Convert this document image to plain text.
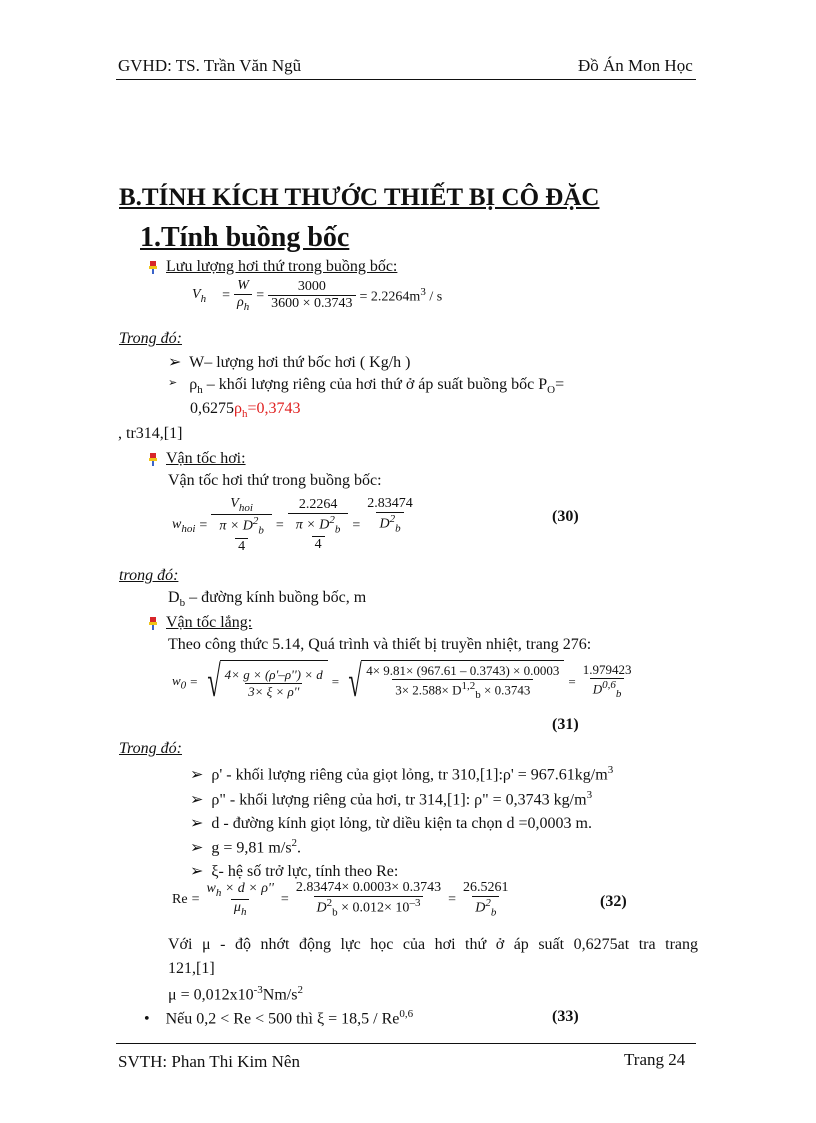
GVHD: TS. Trần Văn Ngũ	Đồ Án Mon Học
B.TÍNH KÍCH THƯỚC THIẾT BỊ CÔ ĐẶC
1.Tính buồng bốc
Lưu lượng hơi thứ trong buồng bốc:
$V_h = \frac{W}{\rho_h} = \frac{3000}{3600 \times 0.3743} = 2.2264m^3 / s$
Trong đó:
➢ W– lượng hơi thứ bốc hơi ( Kg/h )
➢ $\rho_h$ – khối lượng riêng của hơi thứ ở áp suất buồng bốc $P_O=$
$0,6275\rho_h=0,3743$
, tr314,[1]
Vận tốc hơi:
Vận tốc hơi thứ trong buồng bốc:
$w_{hoi} = \frac{V_{hoi}}{\frac{\pi \times D^2_b}{4}} = \frac{2.2264}{\frac{\pi \times D^2_b}{4}} = \frac{2.83474}{D^2_b}$	(30)
trong đó:
$D_b$ – đường kính buồng bốc, m
Vận tốc lắng:
Theo công thức 5.14, Quá trình và thiết bị truyền nhiệt, trang 276:
$w_0$ = √ $\frac{4\times g \times (\rho'-\rho'') \times d}{3\times \xi \times \rho''}$ = √ $\frac{4\times 9.81\times (967.61 - 0.3743) \times 0.0003}{3\times 2.588\times D^{1,2}_b \times 0.3743} = \frac{1.979423}{D^{0,6}_b}$
(31)
Trong đó:
➢ ρ' - khối lượng riêng của giọt lỏng, tr 310,[1]:ρ' = $967.61kg/m^3$
➢ ρ" - khối lượng riêng của hơi, tr 314,[1]: ρ" = 0,3743 $kg/m^3$
➢ d - đường kính giọt lỏng, từ diều kiện ta chọn d =0,0003 m.
➢ g = 9,81 $m/s^2$.
➢ ξ- hệ số trở lực, tính theo Re:
$Re = \frac{w_h \times d \times \rho''}{\mu_h} = \frac{2.83474\times 0.0003\times 0.3743}{D^2_b \times 0.012\times 10^{-3}} = \frac{26.5261}{D^2_b}$	(32)
Với μ - độ nhớt động lực học của hơi thứ ở áp suất 0,6275at tra trang
121,[1]
$\mu = 0,012x10^{-3}Nm/s^2$
• Nếu 0,2 < Re < 500 thì ξ = 18,5 / Re$^{0,6}$	(33)
SVTH: Phan Thi Kim Nên	Trang 24
